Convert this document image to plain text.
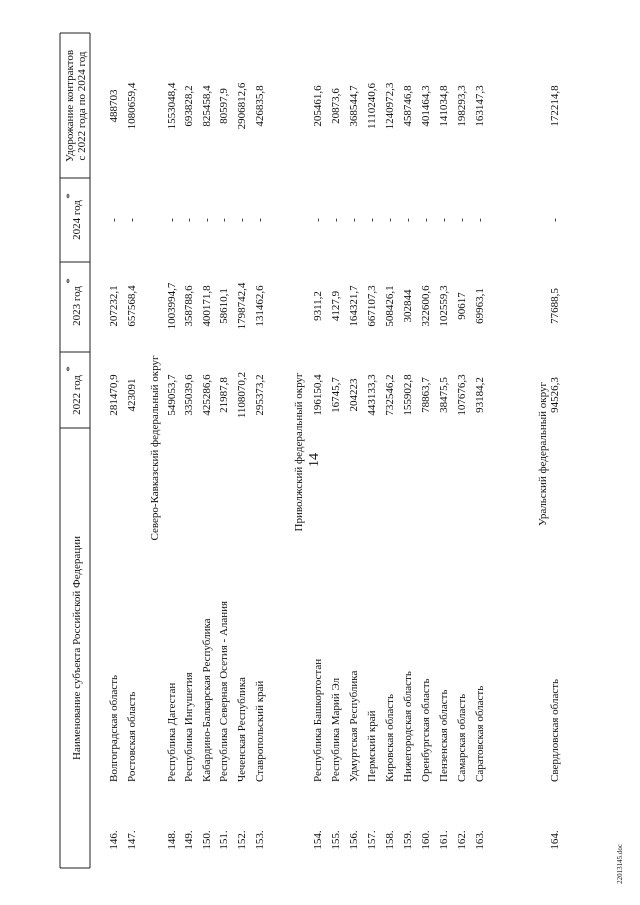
14
Наименование субъекта Российской Федерации
2022 год
*
2023 год
*
2024 год
*
Удорожание контрактов с 2022 года по 2024 год
Северо-Кавказский федеральный округ	Приволжский федеральный округ	Уральский федеральный округ
146.
Волгоградская область
281470,9
207232,1
-
488703
147.
Ростовская область
423091
657568,4
-
1080659,4
148.
Республика Дагестан
549053,7
1003994,7
-
1553048,4
149.
Республика Ингушетия
335039,6
358788,6
-
693828,2
150.
Кабардино-Балкарская Республика
425286,6
400171,8
-
825458,4
151.
Республика Северная Осетия - Алания
21987,8
58610,1
-
80597,9
152.
Чеченская Республика
1108070,2
1798742,4
-
2906812,6
153.
Ставропольский край
295373,2
131462,6
-
426835,8
154.
Республика Башкортостан
196150,4
9311,2
-
205461,6
155.
Республика Марий Эл
16745,7
4127,9
-
20873,6
156.
Удмуртская Республика
204223
164321,7
-
368544,7
157.
Пермский край
443133,3
667107,3
-
1110240,6
158.
Кировская область
732546,2
508426,1
-
1240972,3
159.
Нижегородская область
155902,8
302844
-
458746,8
160.
Оренбургская область
78863,7
322600,6
-
401464,3
161.
Пензенская область
38475,5
102559,3
-
141034,8
162.
Самарская область
107676,3
90617
-
198293,3
163.
Саратовская область
93184,2
69963,1
-
163147,3
164.
Свердловская область
94526,3
77688,5
-
172214,8
22013145.doc
